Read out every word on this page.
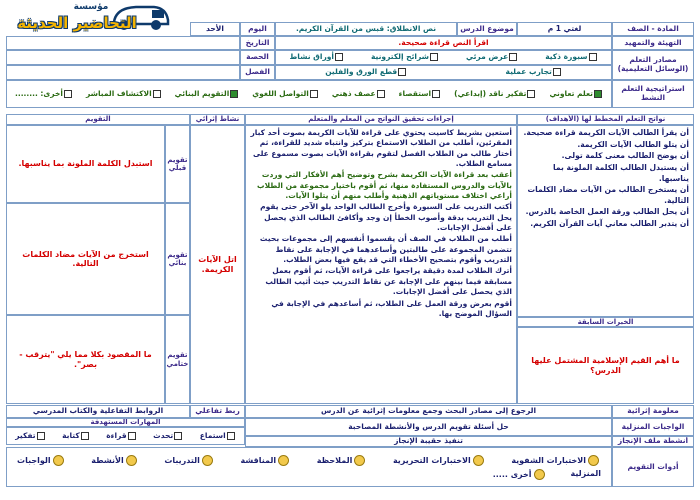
مؤسسة
التحاضير الحديثة	المادة - الصف
لغتي 1 م
موضوع الدرس
نص الانطلاق: قبس من القرآن الكريم.
اليوم
الأحد
التهيئة والتمهيد
اقرأ النص قراءة صحيحة.
التاريخ
مصادر التعلم (الوسائل التعليمية)
سبورة ذكية
عرض مرئي
شرائح إلكترونية
أوراق نشاط
تجارب عملية
قطع الورق والفلين
الحصة
الفصل
استراتيجية التعلم النشط
تعلم تعاوني
تفكير ناقد (إبداعي)
استقصاء
عصف ذهني
التواصل اللغوي
التقويم البنائي
الاكتشاف المباشر
أخرى: ........
نواتج التعلم المخطط لها (الأهداف)
إجراءات تحقيق النواتج من المعلم والمتعلم
نشاط إثرائي
التقويم

أن يقرأ الطالب الآيات الكريمة قراءة صحيحة.

أن يتلو الطالب الآيات الكريمة.

أن يوضح الطالب معنى كلمة تولى.

أن يستبدل الطالب الكلمة الملونة بما يناسبها.

أن يستخرج الطالب من الآيات مضاد الكلمات التالية.

أن يحل الطالب ورقة العمل الخاصة بالدرس.

أن يتدبر الطالب معاني آيات القرآن الكريم.

الخبرات السابقة
ما أهم القيم الإسلامية المشتمل عليها الدرس؟

أستعين بشريط كاسيت يحتوي على قراءة للآيات الكريمة بصوت أحد كبار المقرئين، أطلب من الطلاب الاستماع بتركيز وانتباه شديد للقراءة، ثم أختار طالب من الطلاب الفصل لتقوم بقراءة الآيات بصوت مسموع على مسامع الطلاب.

أعقب بعد قراءة الآيات الكريمة بشرح وتوضيح أهم الأفكار التي وردت بالآيات والدروس المستفادة منها، ثم أقوم باختيار مجموعة من الطلاب أراعي اختلاف مستوياتهم الذهنية وأطلب منهم أن يتلوا الآيات.

أكتب التدريب على السبورة وأخرج الطالب الواحد يلو الآخر حتى يقوم يحل التدريب بدقة وأصوب الخطأ إن وجد وأكافئ الطالب الذي يحصل على أفضل الإجابات.

أطلب من الطلاب في الصف أن يقسموا أنفسهم إلى مجموعات بحيث تتضمن المجموعة على طالبتين وأساعدهما في الإجابة على نقاط التدريب وأقوم بتصحيح الأخطاء التي قد يقع فيها بعض الطلاب.

أترك الطلاب لمدة دقيقة يراجعوا على قراءة الآيات، ثم أقوم بعمل مسابقة فيما بينهم على الإجابة عن نقاط التدريب حيث أثيب الطالب الذي يحصل على أفضل الإجابات.

أقوم بعرض ورقة العمل على الطلاب، ثم أساعدهم في الإجابة في السؤال الموضح بها.

اتل الآيات الكريمة.
تقويم قبلي
استبدل الكلمة الملونة بما يناسبها.
تقويم بنائي
استخرج من الآيات مضاد الكلمات التالية.
تقويم ختامي
ما المقصود بكلا مما يلي "يترقب - بصر".
معلومة إثرائية
الرجوع إلى مصادر البحث وجمع معلومات إثرائية عن الدرس
ربط تفاعلي
الروابط التفاعلية والكتاب المدرسي
الواجبات المنزلية
حل أسئلة تقويم الدرس والأنشطة المصاحبة
المهارات المستهدفة
استماع
تحدث
قراءة
كتابة
تفكير
أنشطة ملف الإنجاز
تنفيذ حقيبة الإنجاز
أدوات التقويم
الاختبارات الشفوية
الاختبارات التحريرية
الملاحظة
المناقشة
التدريبات
الأنشطة
الواجبات
المنزلية
أخرى .....
